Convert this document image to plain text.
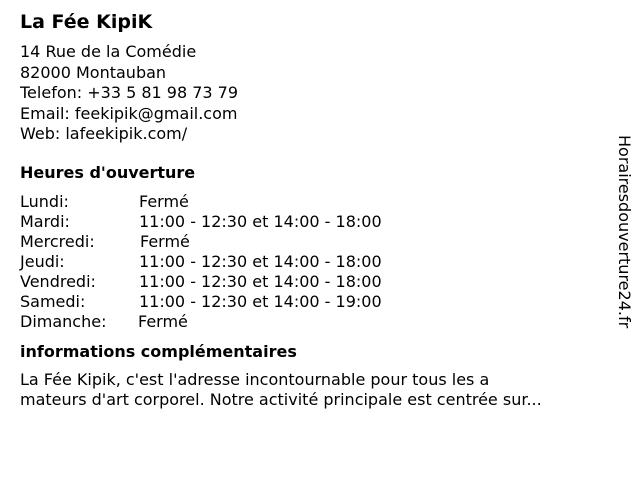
La Fée KipiK
14 Rue de la Comédie
82000 Montauban
Telefon: +33 5 81 98 73 79
Email: feekipik@gmail.com
Web: lafeekipik.com/
Heures d'ouverture
Lundi:	Fermé
Mardi:	11:00 - 12:30 et 14:00 - 18:00
Mercredi:	Fermé
Jeudi:	11:00 - 12:30 et 14:00 - 18:00
Vendredi:	11:00 - 12:30 et 14:00 - 18:00
Samedi:	11:00 - 12:30 et 14:00 - 19:00
Dimanche:	Fermé
informations complémentaires
La Fée Kipik, c'est l'adresse incontournable pour tous les a
mateurs d'art corporel. Notre activité principale est centrée sur...
Horairesdouverture24.fr
